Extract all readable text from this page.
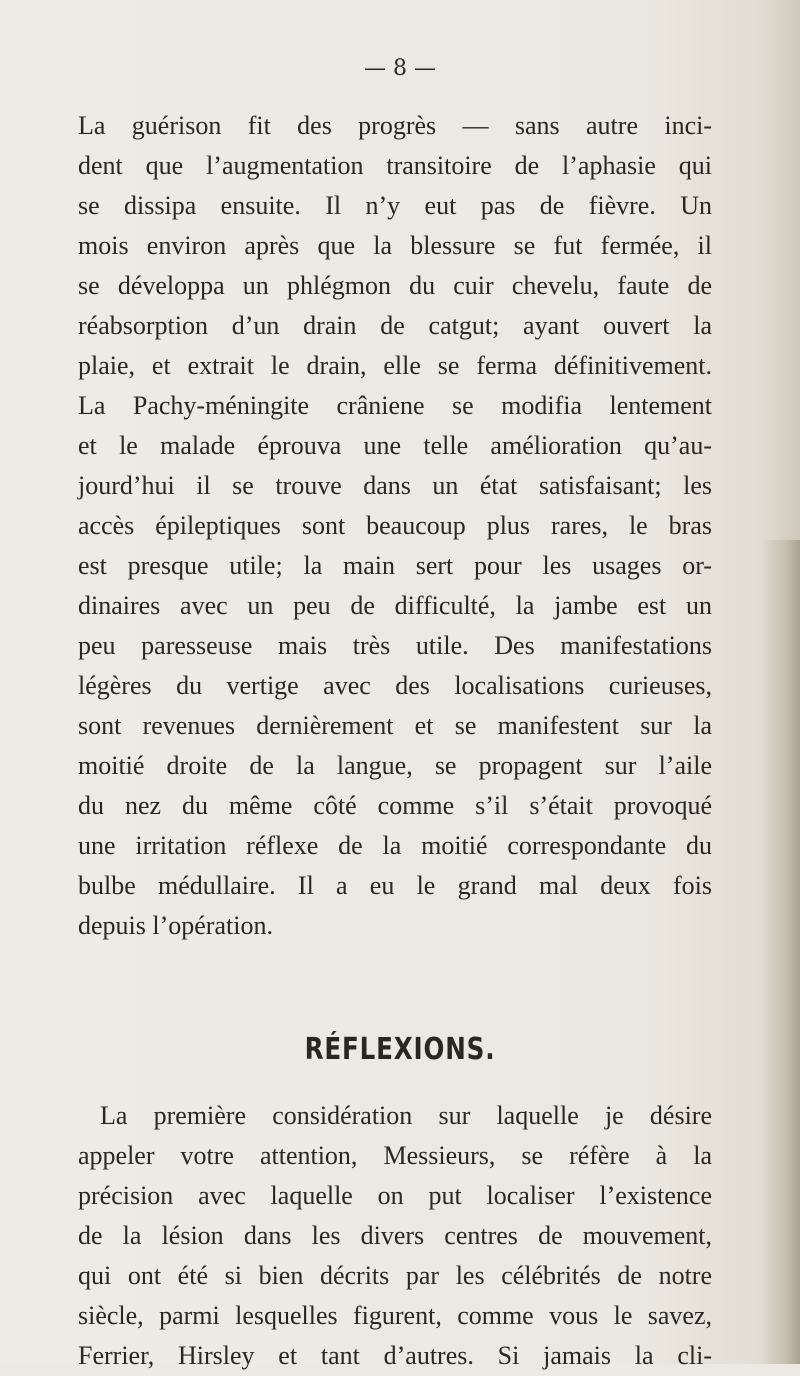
— 8 —
La guérison fit des progrès — sans autre inci-
dent que l’augmentation transitoire de l’aphasie qui
se dissipa ensuite. Il n’y eut pas de fièvre. Un
mois environ après que la blessure se fut fermée, il
se développa un phlégmon du cuir chevelu, faute de
réabsorption d’un drain de catgut; ayant ouvert la
plaie, et extrait le drain, elle se ferma définitivement.
La Pachy-méningite crâniene se modifia lentement
et le malade éprouva une telle amélioration qu’au-
jourd’hui il se trouve dans un état satisfaisant; les
accès épileptiques sont beaucoup plus rares, le bras
est presque utile; la main sert pour les usages or-
dinaires avec un peu de difficulté, la jambe est un
peu paresseuse mais très utile. Des manifestations
légères du vertige avec des localisations curieuses,
sont revenues dernièrement et se manifestent sur la
moitié droite de la langue, se propagent sur l’aile
du nez du même côté comme s’il s’était provoqué
une irritation réflexe de la moitié correspondante du
bulbe médullaire. Il a eu le grand mal deux fois
depuis l’opération.
RÉFLEXIONS.
La première considération sur laquelle je désire
appeler votre attention, Messieurs, se réfère à la
précision avec laquelle on put localiser l’existence
de la lésion dans les divers centres de mouvement,
qui ont été si bien décrits par les célébrités de notre
siècle, parmi lesquelles figurent, comme vous le savez,
Ferrier, Hirsley et tant d’autres. Si jamais la cli-
